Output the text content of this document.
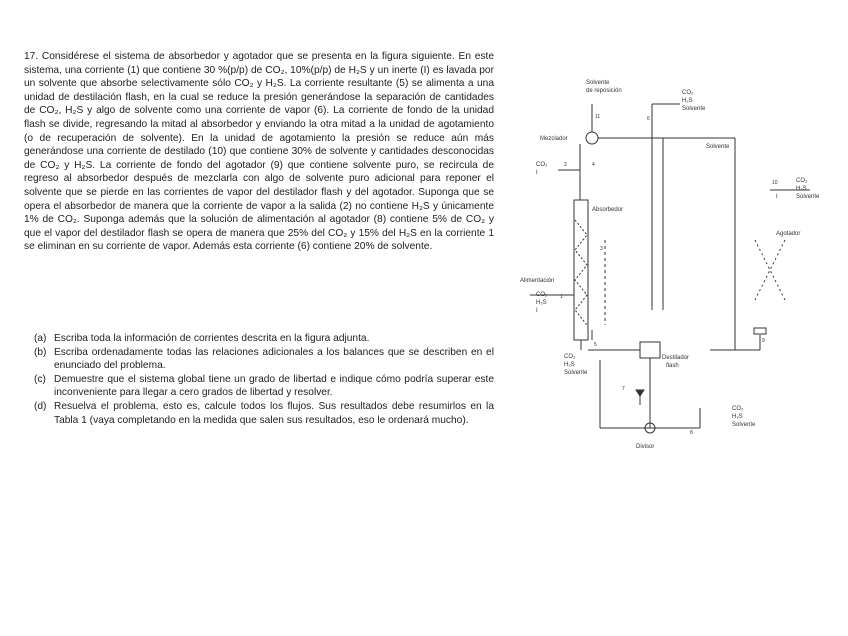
17. Considérese el sistema de absorbedor y agotador que se presenta en la figura siguiente. En este sistema, una corriente (1) que contiene 30 %(p/p) de CO₂, 10%(p/p) de H₂S y un inerte (I) es lavada por un solvente que absorbe selectivamente sólo CO₂ y H₂S. La corriente resultante (5) se alimenta a una unidad de destilación flash, en la cual se reduce la presión generándose la separación de cantidades de CO₂, H₂S y algo de solvente como una corriente de vapor (6). La corriente de fondo de la unidad flash se divide, regresando la mitad al absorbedor y enviando la otra mitad a la unidad de agotamiento (o de recuperación de solvente). En la unidad de agotamiento la presión se reduce aún más generándose una corriente de destilado (10) que contiene 30% de solvente y cantidades desconocidas de CO₂ y H₂S. La corriente de fondo del agotador (9) que contiene solvente puro, se recircula de regreso al absorbedor después de mezclarla con algo de solvente puro adicional para reponer el solvente que se pierde en las corrientes de vapor del destilador flash y del agotador. Suponga que se opera el absorbedor de manera que la corriente de vapor a la salida (2) no contiene H₂S y únicamente 1% de CO₂. Suponga además que la solución de alimentación al agotador (8) contiene 5% de CO₂ y que el vapor del destilador flash se opera de manera que 25% del CO₂ y 15% del H₂S en la corriente 1 se eliminan en su corriente de vapor. Además esta corriente (6) contiene 20% de solvente.
(a) Escriba toda la información de corrientes descrita en la figura adjunta.
(b) Escriba ordenadamente todas las relaciones adicionales a los balances que se describen en el enunciado del problema.
(c) Demuestre que el sistema global tiene un grado de libertad e indique cómo podría superar este inconveniente para llegar a cero grados de libertad y resolver.
(d) Resuelva el problema, esto es, calcule todos los flujos. Sus resultados debe resumirlos en la Tabla 1 (vaya completando en la medida que salen sus resultados, eso le ordenará mucho).
Solvente
de reposición	CO₂
H₂S
Solvente
Mezclador
Solvente
CO₂
I
CO₂
H₂S
I	Solvente
Absorbedor
Agotador
Alimentación
CO₂
H₂S
I
CO₂
H₂S
Solvente
Destilador
flash
CO₂
H₂S
Solvente
Divisor
11	6
2	4
3
1
5
7
8
9
10
